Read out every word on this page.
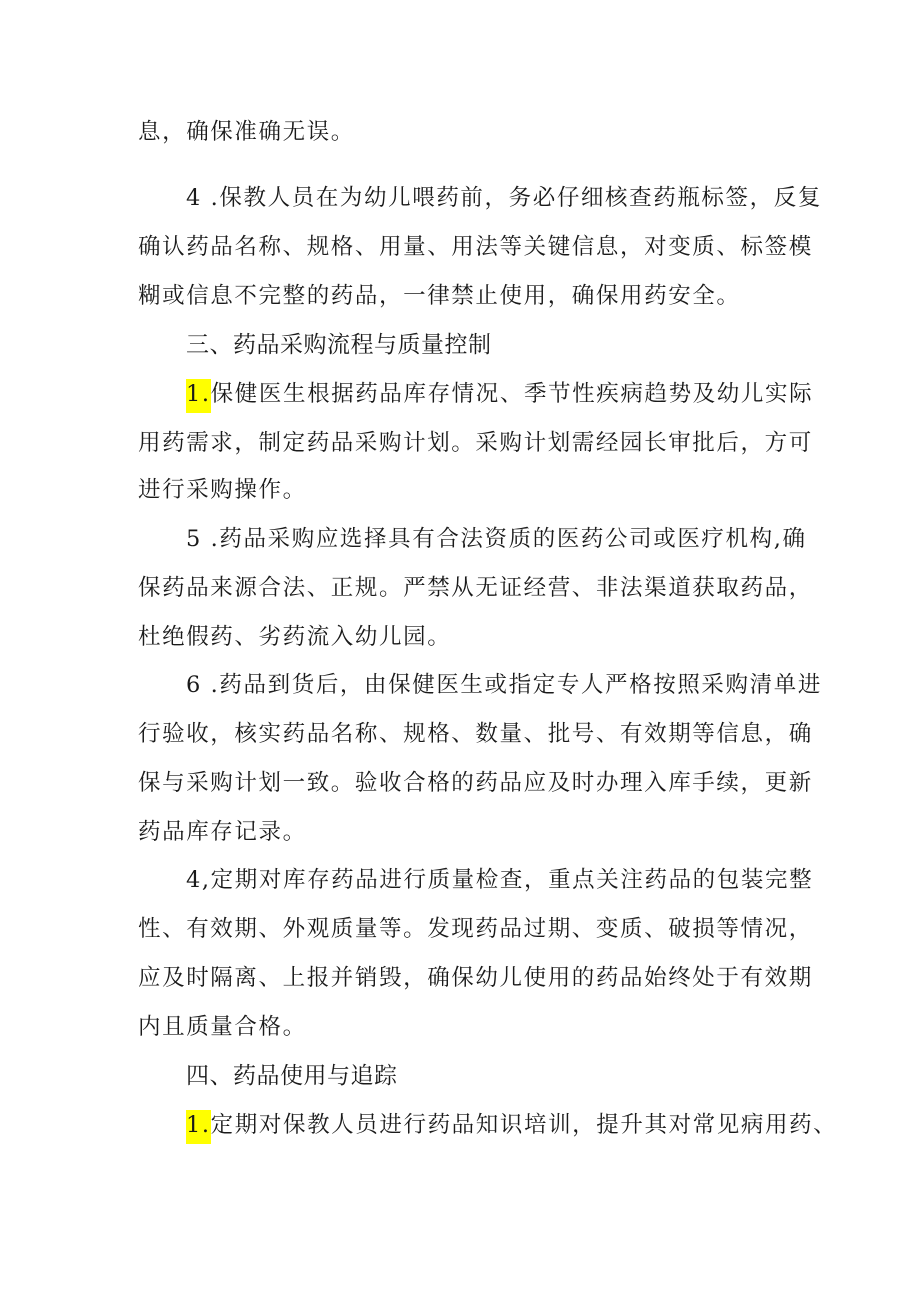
息，确保准确无误。
4 .保教人员在为幼儿喂药前，务必仔细核查药瓶标签，反复
确认药品名称、规格、用量、用法等关键信息，对变质、标签模
糊或信息不完整的药品，一律禁止使用，确保用药安全。
三、药品采购流程与质量控制
1.保健医生根据药品库存情况、季节性疾病趋势及幼儿实际
用药需求，制定药品采购计划。采购计划需经园长审批后，方可
进行采购操作。
5 .药品采购应选择具有合法资质的医药公司或医疗机构,确
保药品来源合法、正规。严禁从无证经营、非法渠道获取药品，
杜绝假药、劣药流入幼儿园。
6 .药品到货后，由保健医生或指定专人严格按照采购清单进
行验收，核实药品名称、规格、数量、批号、有效期等信息，确
保与采购计划一致。验收合格的药品应及时办理入库手续，更新
药品库存记录。
4,定期对库存药品进行质量检查，重点关注药品的包装完整
性、有效期、外观质量等。发现药品过期、变质、破损等情况，
应及时隔离、上报并销毁，确保幼儿使用的药品始终处于有效期
内且质量合格。
四、药品使用与追踪
1.定期对保教人员进行药品知识培训，提升其对常见病用药、
